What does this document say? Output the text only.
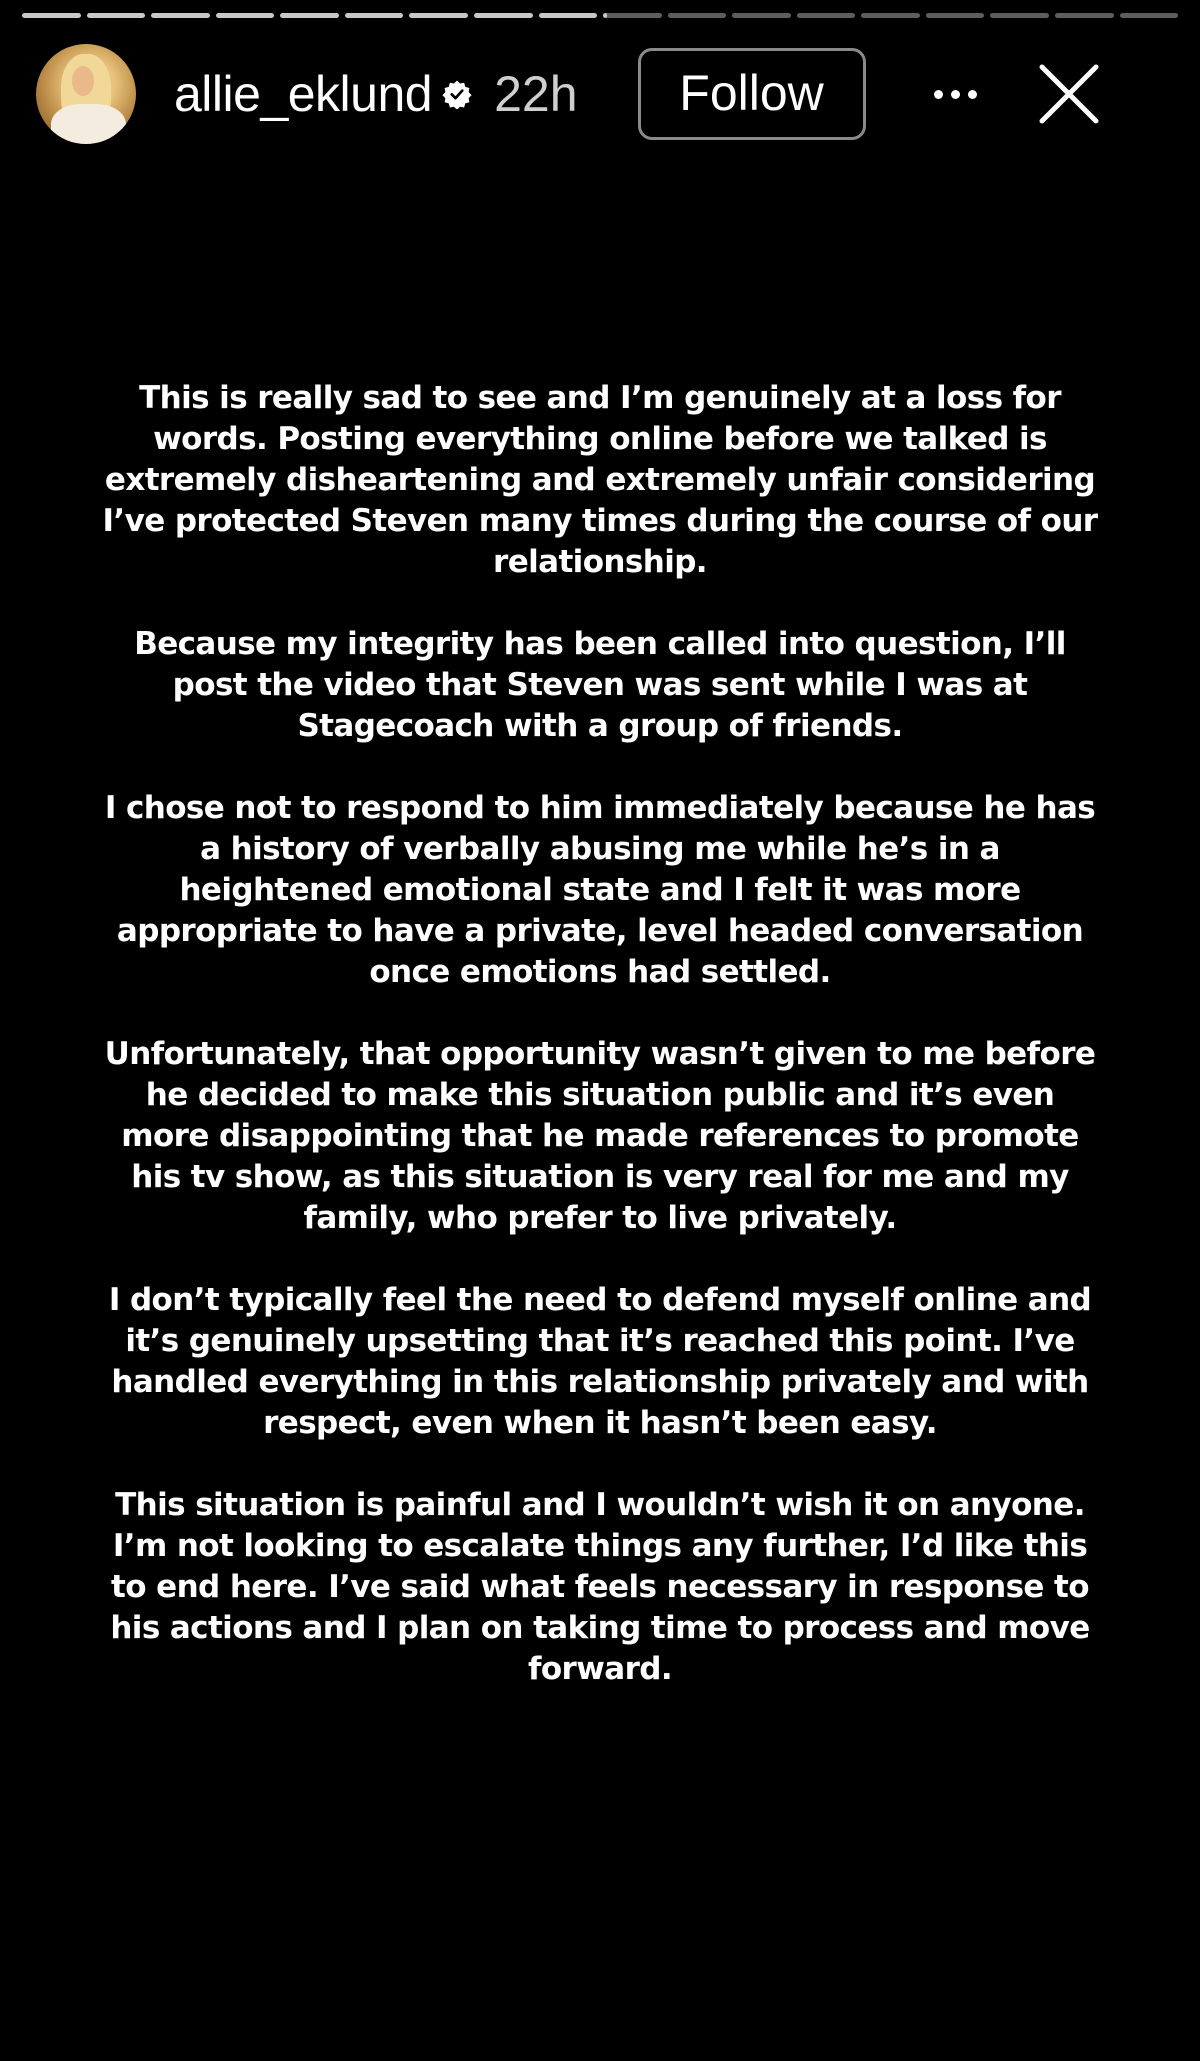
allie_eklund 22h	Follow

This is really sad to see and I’m genuinely at a loss for words. Posting everything online before we talked is extremely disheartening and extremely unfair considering I’ve protected Steven many times during the course of our relationship.

Because my integrity has been called into question, I’ll post the video that Steven was sent while I was at Stagecoach with a group of friends.

I chose not to respond to him immediately because he has a history of verbally abusing me while he’s in a heightened emotional state and I felt it was more appropriate to have a private, level headed conversation once emotions had settled.

Unfortunately, that opportunity wasn’t given to me before he decided to make this situation public and it’s even more disappointing that he made references to promote his tv show, as this situation is very real for me and my family, who prefer to live privately.

I don’t typically feel the need to defend myself online and it’s genuinely upsetting that it’s reached this point. I’ve handled everything in this relationship privately and with respect, even when it hasn’t been easy.

This situation is painful and I wouldn’t wish it on anyone. I’m not looking to escalate things any further, I’d like this to end here. I’ve said what feels necessary in response to his actions and I plan on taking time to process and move forward.
